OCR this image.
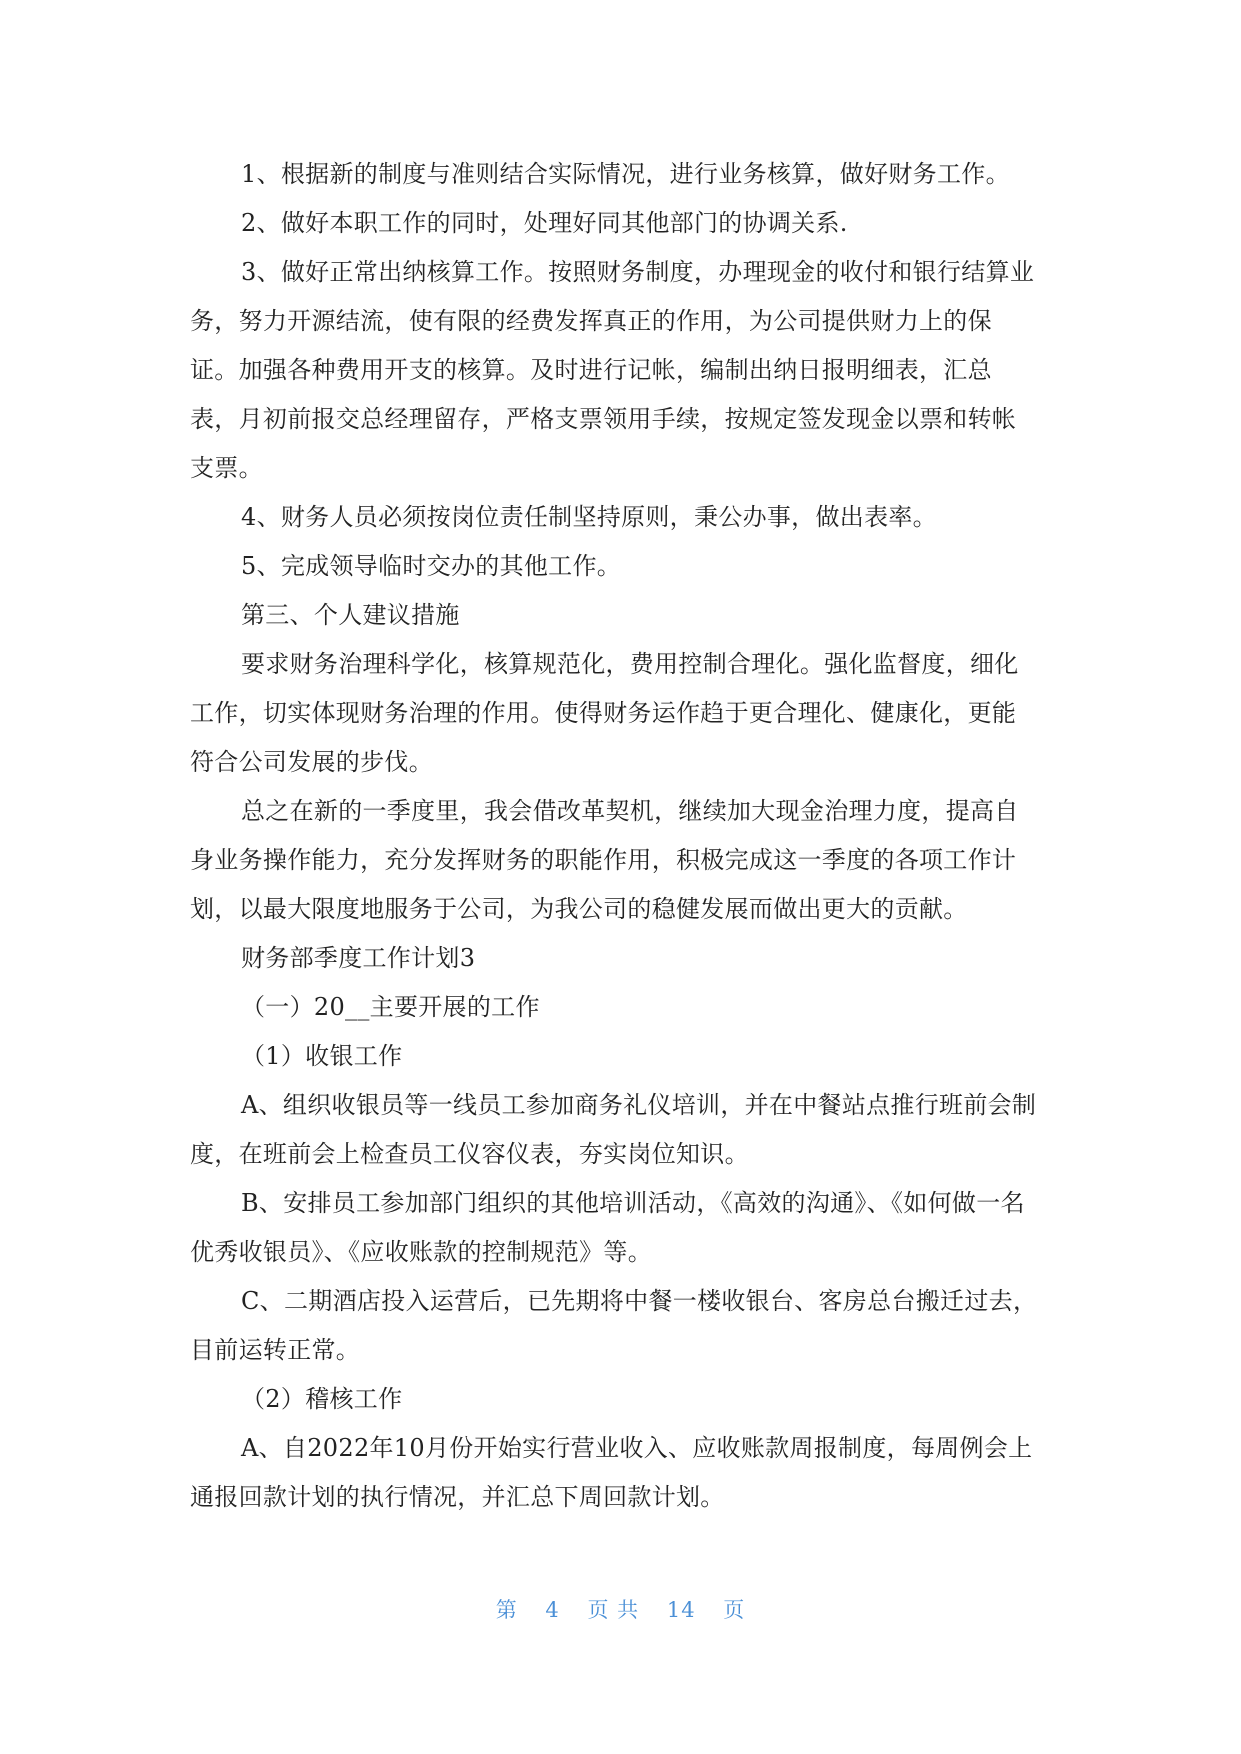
1、根据新的制度与准则结合实际情况，进行业务核算，做好财务工作。
2、做好本职工作的同时，处理好同其他部门的协调关系.
3、做好正常出纳核算工作。按照财务制度，办理现金的收付和银行结算业
务，努力开源结流，使有限的经费发挥真正的作用，为公司提供财力上的保
证。加强各种费用开支的核算。及时进行记帐，编制出纳日报明细表，汇总
表，月初前报交总经理留存，严格支票领用手续，按规定签发现金以票和转帐
支票。
4、财务人员必须按岗位责任制坚持原则，秉公办事，做出表率。
5、完成领导临时交办的其他工作。
第三、个人建议措施
要求财务治理科学化，核算规范化，费用控制合理化。强化监督度，细化
工作，切实体现财务治理的作用。使得财务运作趋于更合理化、健康化，更能
符合公司发展的步伐。
总之在新的一季度里，我会借改革契机，继续加大现金治理力度，提高自
身业务操作能力，充分发挥财务的职能作用，积极完成这一季度的各项工作计
划，以最大限度地服务于公司，为我公司的稳健发展而做出更大的贡献。
财务部季度工作计划3
（一）20__主要开展的工作
（1）收银工作
A、组织收银员等一线员工参加商务礼仪培训，并在中餐站点推行班前会制
度，在班前会上检查员工仪容仪表，夯实岗位知识。
B、安排员工参加部门组织的其他培训活动，《高效的沟通》、《如何做一名
优秀收银员》、《应收账款的控制规范》等。
C、二期酒店投入运营后，已先期将中餐一楼收银台、客房总台搬迁过去，
目前运转正常。
（2）稽核工作
A、自2022年10月份开始实行营业收入、应收账款周报制度，每周例会上
通报回款计划的执行情况，并汇总下周回款计划。
第 4 页 共 14 页
